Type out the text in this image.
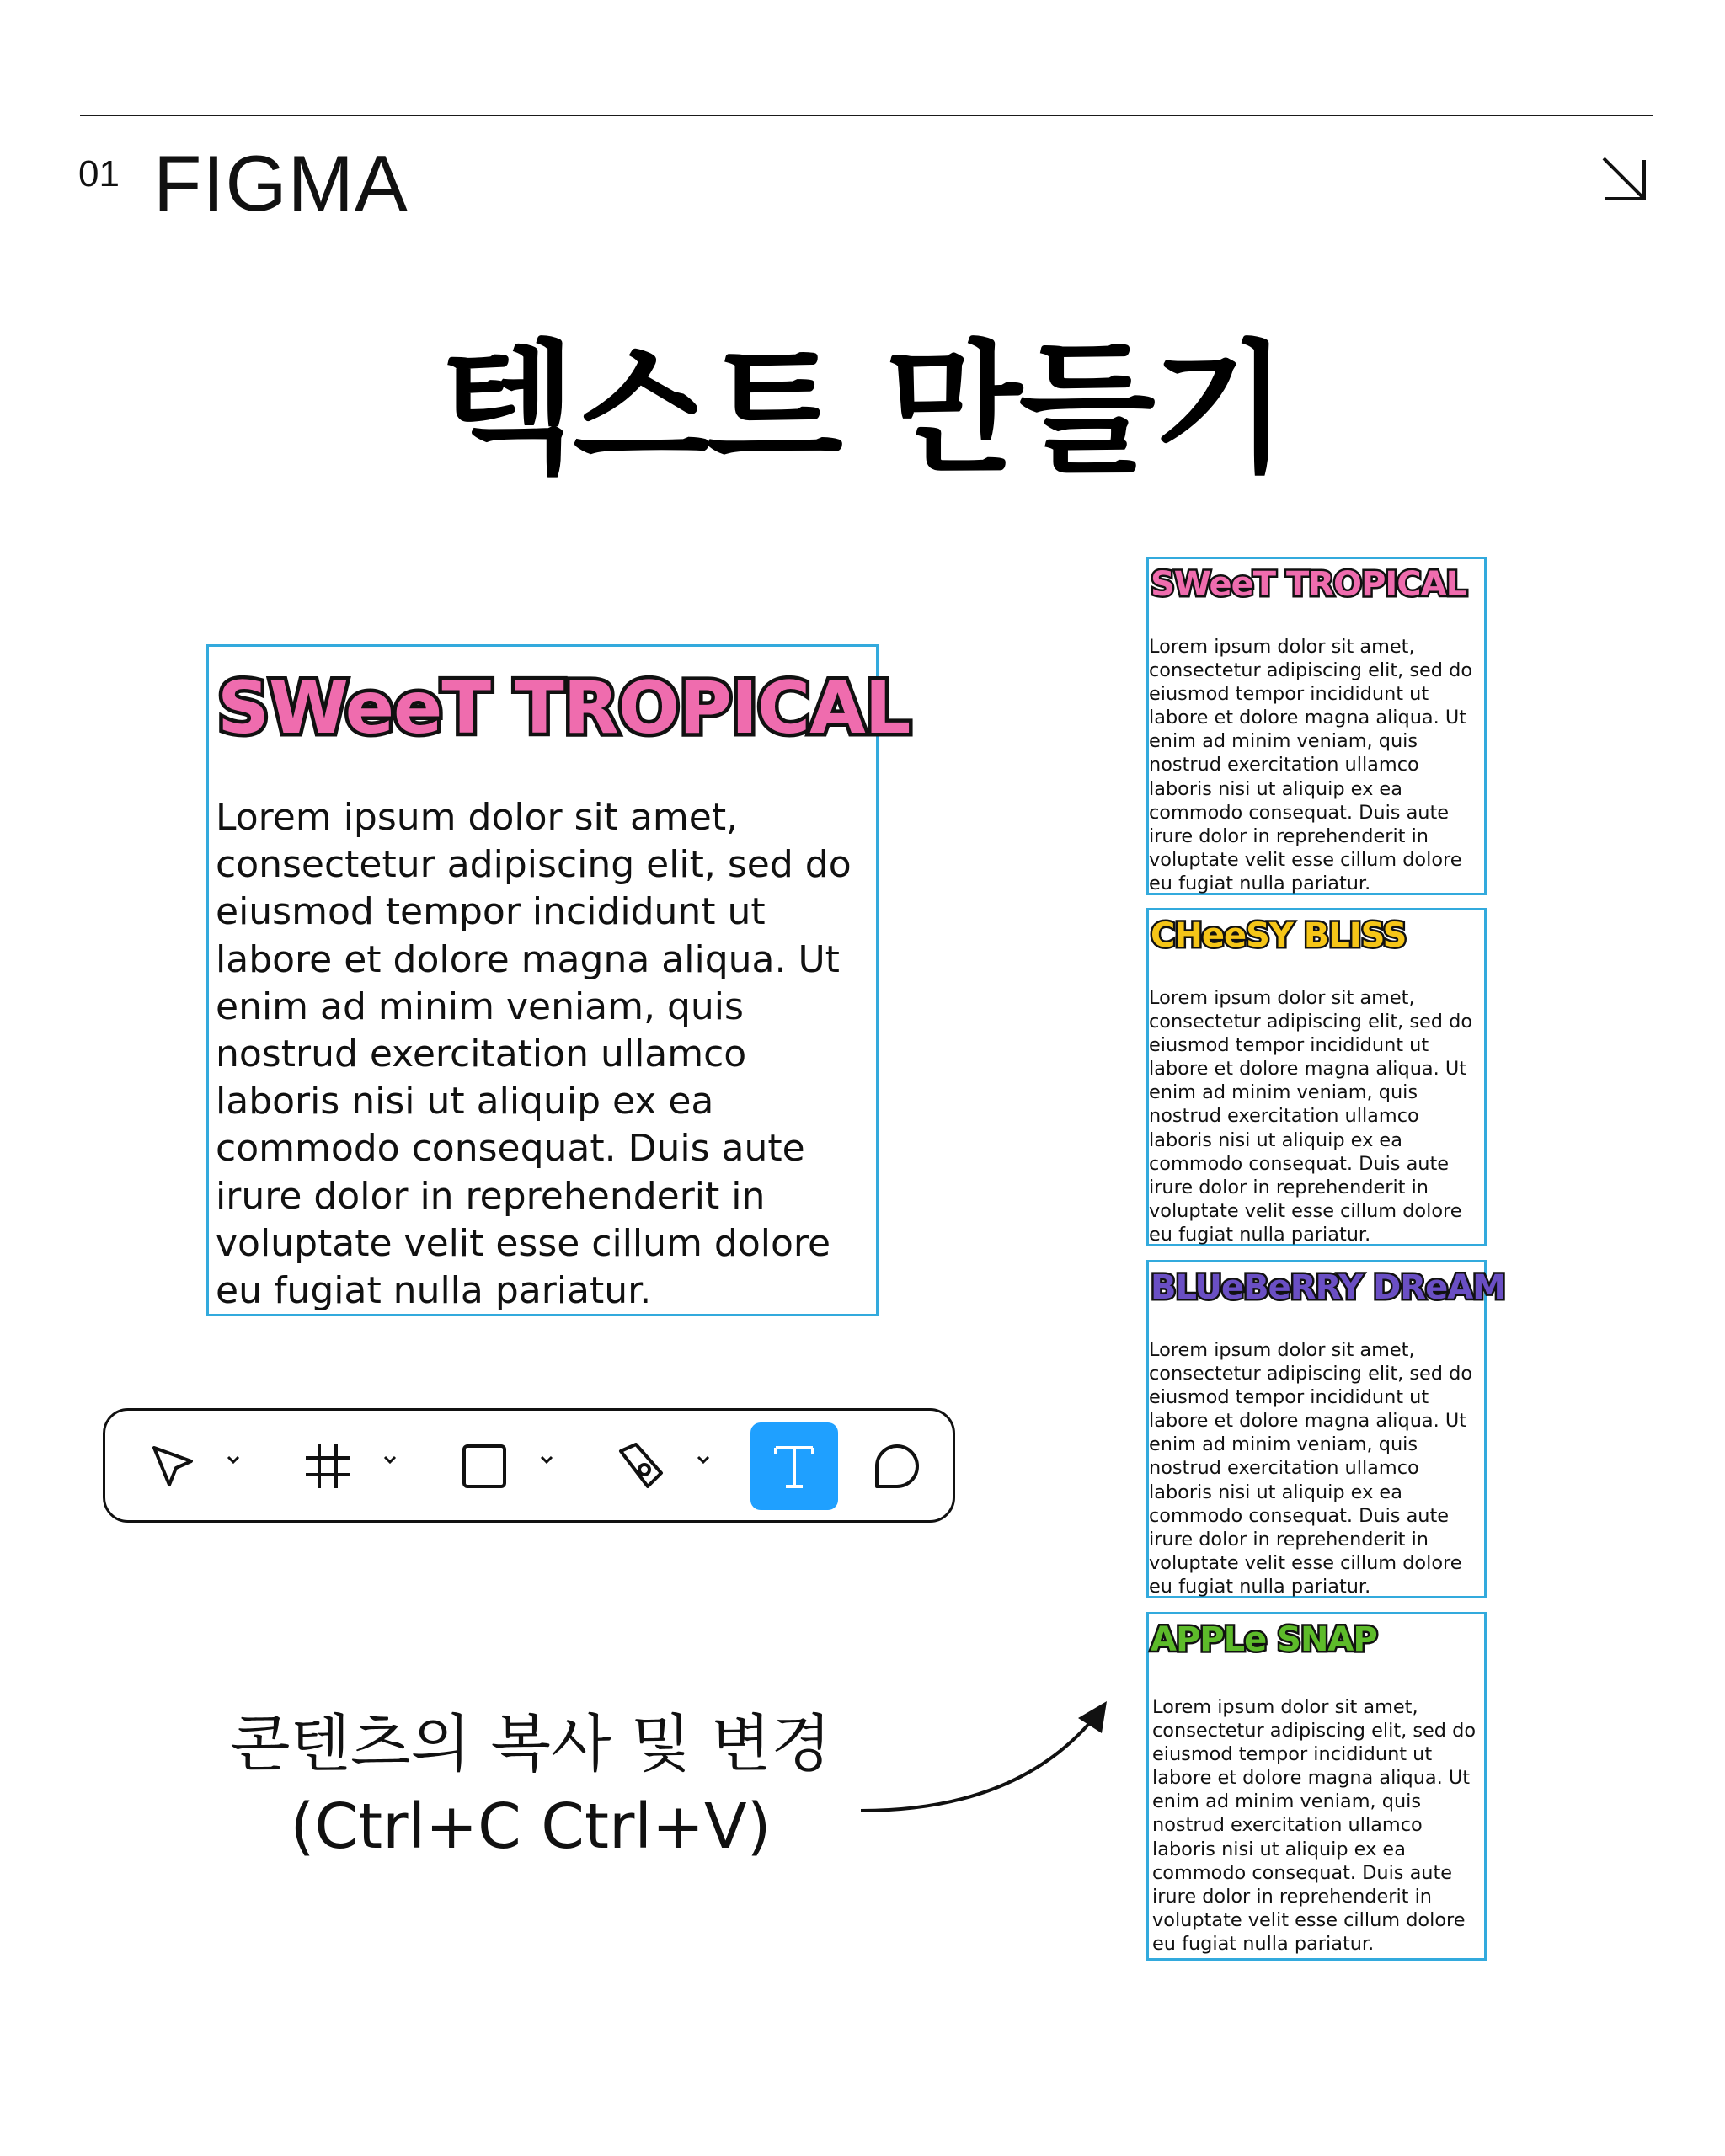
01 FIGMA
텍스트 만들기
SWeeT TROPICAL
Lorem ipsum dolor sit amet, consectetur adipiscing elit, sed do eiusmod tempor incididunt ut labore et dolore magna aliqua. Ut enim ad minim veniam, quis nostrud exercitation ullamco laboris nisi ut aliquip ex ea commodo consequat. Duis aute irure dolor in reprehenderit in voluptate velit esse cillum dolore eu fugiat nulla pariatur.
SWeeT TROPICAL
Lorem ipsum dolor sit amet, consectetur adipiscing elit, sed do eiusmod tempor incididunt ut labore et dolore magna aliqua. Ut enim ad minim veniam, quis nostrud exercitation ullamco laboris nisi ut aliquip ex ea commodo consequat. Duis aute irure dolor in reprehenderit in voluptate velit esse cillum dolore eu fugiat nulla pariatur.
CHeeSY BLISS
Lorem ipsum dolor sit amet, consectetur adipiscing elit, sed do eiusmod tempor incididunt ut labore et dolore magna aliqua. Ut enim ad minim veniam, quis nostrud exercitation ullamco laboris nisi ut aliquip ex ea commodo consequat. Duis aute irure dolor in reprehenderit in voluptate velit esse cillum dolore eu fugiat nulla pariatur.
BLUeBeRRY DReAM
Lorem ipsum dolor sit amet, consectetur adipiscing elit, sed do eiusmod tempor incididunt ut labore et dolore magna aliqua. Ut enim ad minim veniam, quis nostrud exercitation ullamco laboris nisi ut aliquip ex ea commodo consequat. Duis aute irure dolor in reprehenderit in voluptate velit esse cillum dolore eu fugiat nulla pariatur.
APPLe SNAP
Lorem ipsum dolor sit amet, consectetur adipiscing elit, sed do eiusmod tempor incididunt ut labore et dolore magna aliqua. Ut enim ad minim veniam, quis nostrud exercitation ullamco laboris nisi ut aliquip ex ea commodo consequat. Duis aute irure dolor in reprehenderit in voluptate velit esse cillum dolore eu fugiat nulla pariatur.
콘텐츠의 복사 및 변경
(Ctrl+C Ctrl+V)
